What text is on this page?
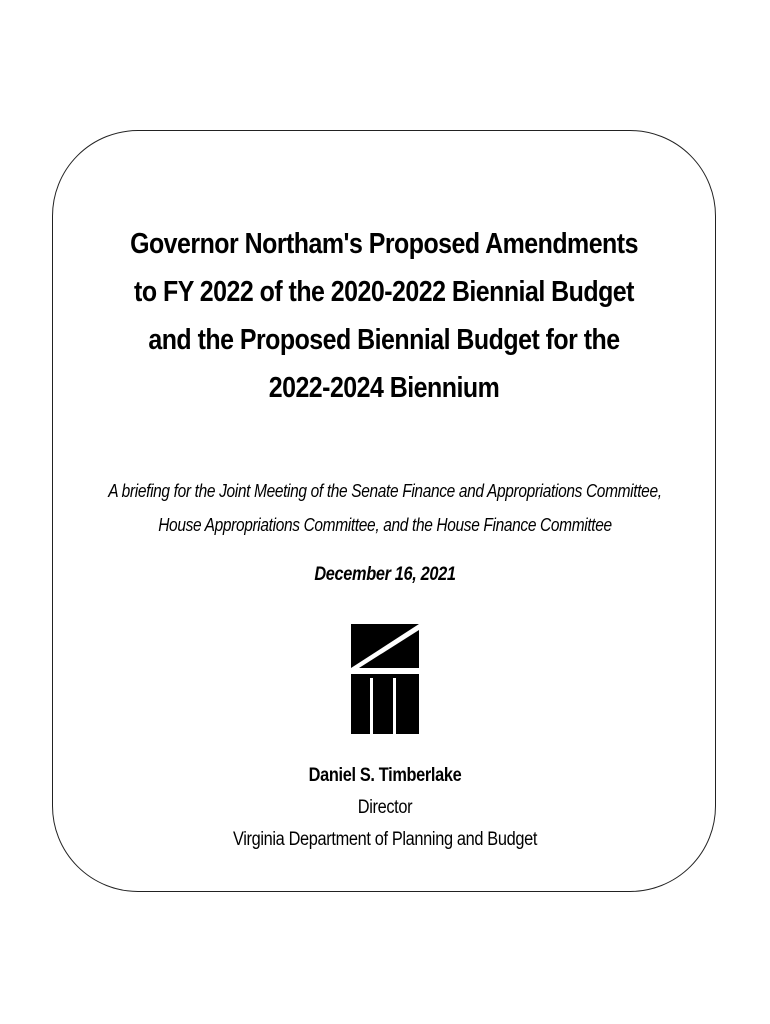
Governor Northam's Proposed Amendments
to FY 2022 of the 2020-2022 Biennial Budget
and the Proposed Biennial Budget for the
2022-2024 Biennium
A briefing for the Joint Meeting of the Senate Finance and Appropriations Committee,
House Appropriations Committee, and the House Finance Committee
December 16, 2021
Daniel S. Timberlake
Director
Virginia Department of Planning and Budget
